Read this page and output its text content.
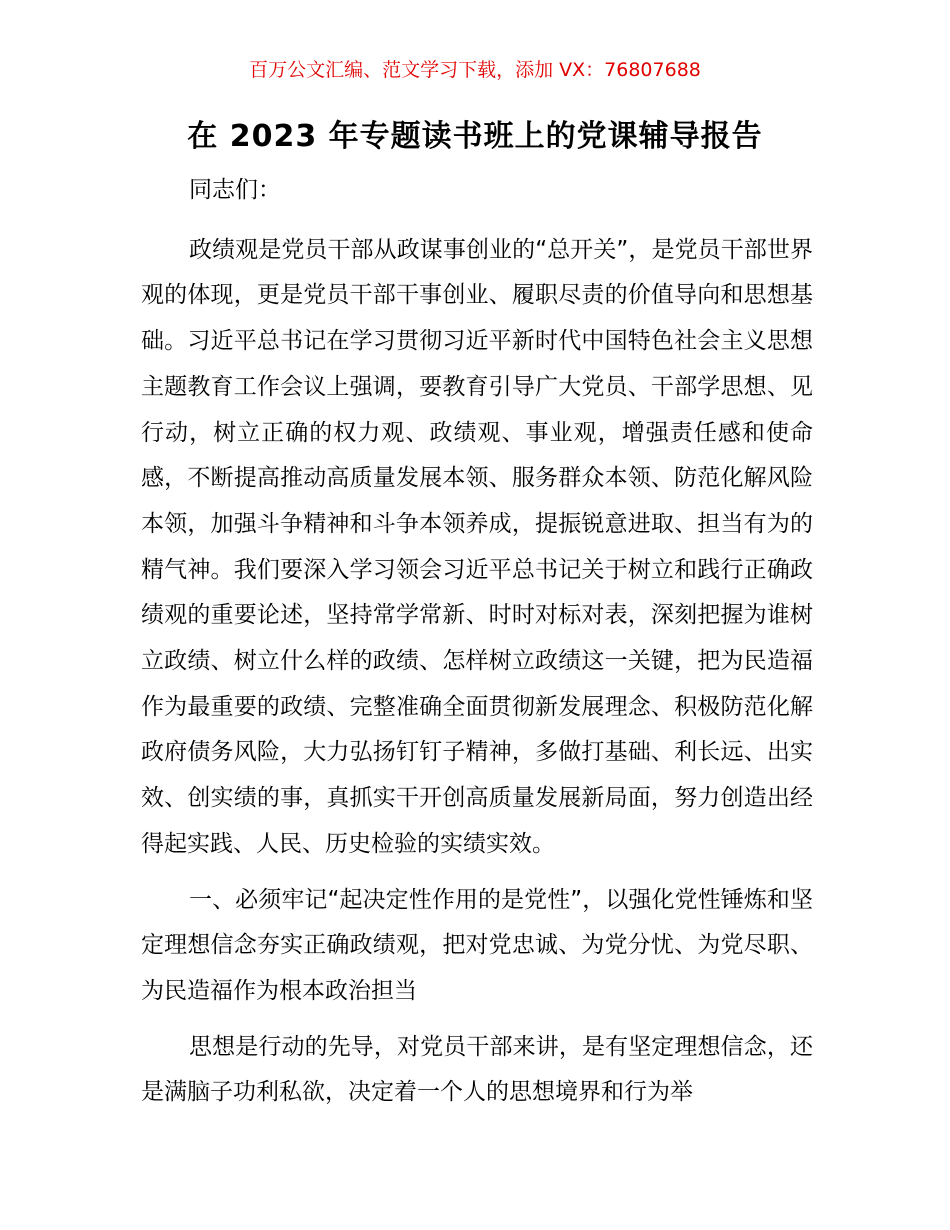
百万公文汇编、范文学习下载，添加 VX：76807688
在 2023 年专题读书班上的党课辅导报告

同志们：

政绩观是党员干部从政谋事创业的“总开关”，是党员干部世界观的体现，更是党员干部干事创业、履职尽责的价值导向和思想基础。习近平总书记在学习贯彻习近平新时代中国特色社会主义思想主题教育工作会议上强调，要教育引导广大党员、干部学思想、见行动，树立正确的权力观、政绩观、事业观，增强责任感和使命感，不断提高推动高质量发展本领、服务群众本领、防范化解风险本领，加强斗争精神和斗争本领养成，提振锐意进取、担当有为的精气神。我们要深入学习领会习近平总书记关于树立和践行正确政绩观的重要论述，坚持常学常新、时时对标对表，深刻把握为谁树立政绩、树立什么样的政绩、怎样树立政绩这一关键，把为民造福作为最重要的政绩、完整准确全面贯彻新发展理念、积极防范化解政府债务风险，大力弘扬钉钉子精神，多做打基础、利长远、出实效、创实绩的事，真抓实干开创高质量发展新局面，努力创造出经得起实践、人民、历史检验的实绩实效。

一、必须牢记“起决定性作用的是党性”，以强化党性锤炼和坚定理想信念夯实正确政绩观，把对党忠诚、为党分忧、为党尽职、为民造福作为根本政治担当

思想是行动的先导，对党员干部来讲，是有坚定理想信念，还是满脑子功利私欲，决定着一个人的思想境界和行为举
